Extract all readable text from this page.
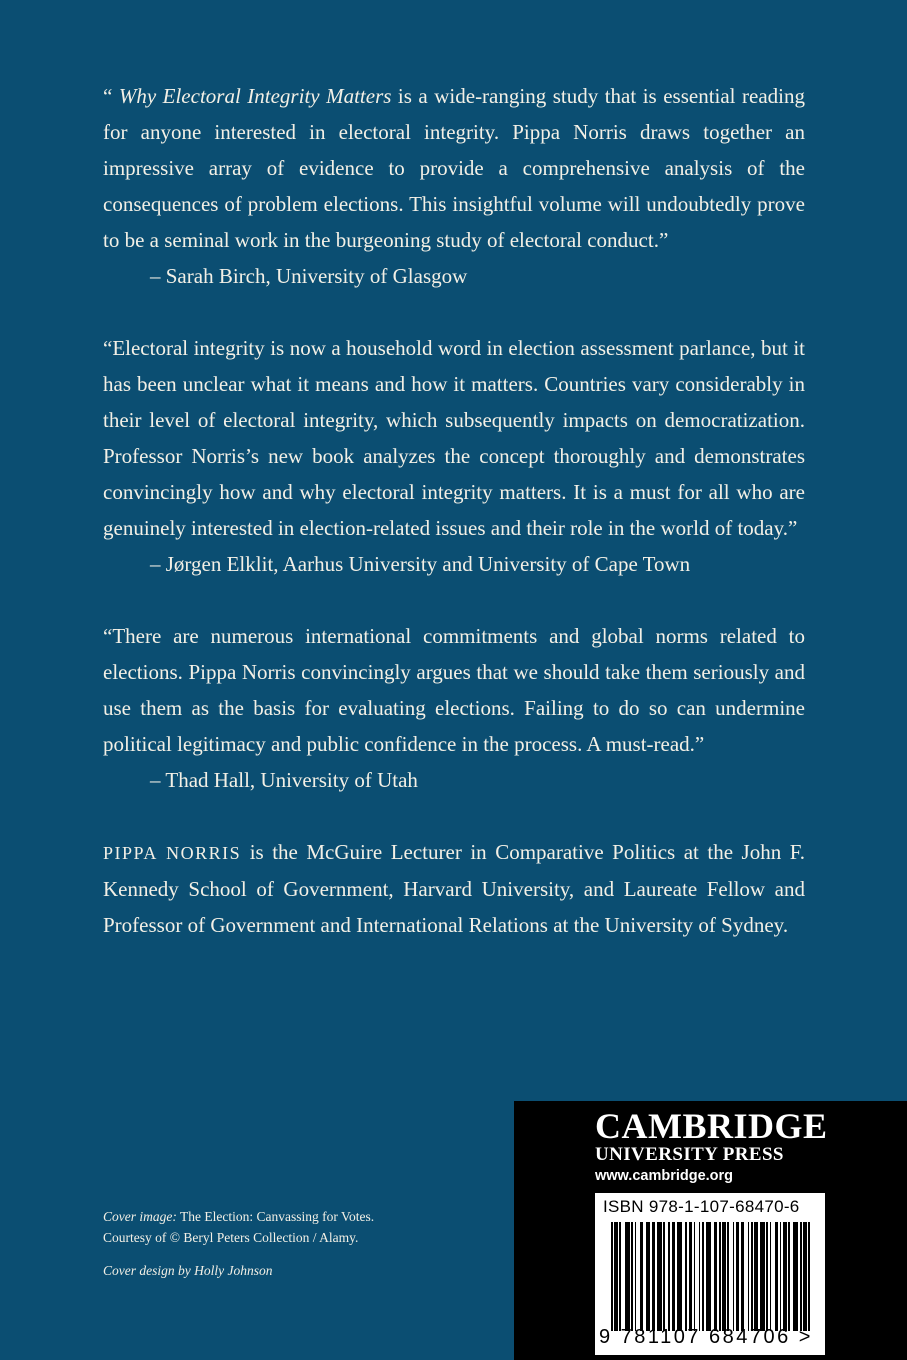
“ Why Electoral Integrity Matters is a wide-ranging study that is essential reading for anyone interested in electoral integrity. Pippa Norris draws together an impressive array of evidence to provide a comprehensive analysis of the consequences of problem elections. This insightful volume will undoubtedly prove to be a seminal work in the burgeoning study of electoral conduct.”
– Sarah Birch, University of Glasgow

“Electoral integrity is now a household word in election assessment parlance, but it has been unclear what it means and how it matters. Countries vary considerably in their level of electoral integrity, which subsequently impacts on democratization. Professor Norris’s new book analyzes the concept thoroughly and demonstrates convincingly how and why electoral integrity matters. It is a must for all who are genuinely interested in election-related issues and their role in the world of today.”
– Jørgen Elklit, Aarhus University and University of Cape Town

“There are numerous international commitments and global norms related to elections. Pippa Norris convincingly argues that we should take them seriously and use them as the basis for evaluating elections. Failing to do so can undermine political legitimacy and public confidence in the process. A must-read.”
– Thad Hall, University of Utah

PIPPA NORRIS is the McGuire Lecturer in Comparative Politics at the John F. Kennedy School of Government, Harvard University, and Laureate Fellow and Professor of Government and International Relations at the University of Sydney.

Cover image: The Election: Canvassing for Votes.
Courtesy of © Beryl Peters Collection / Alamy.
Cover design by Holly Johnson
CAMBRIDGE
UNIVERSITY PRESS
www.cambridge.org
ISBN 978-1-107-68470-6
9 781107 684706 >
